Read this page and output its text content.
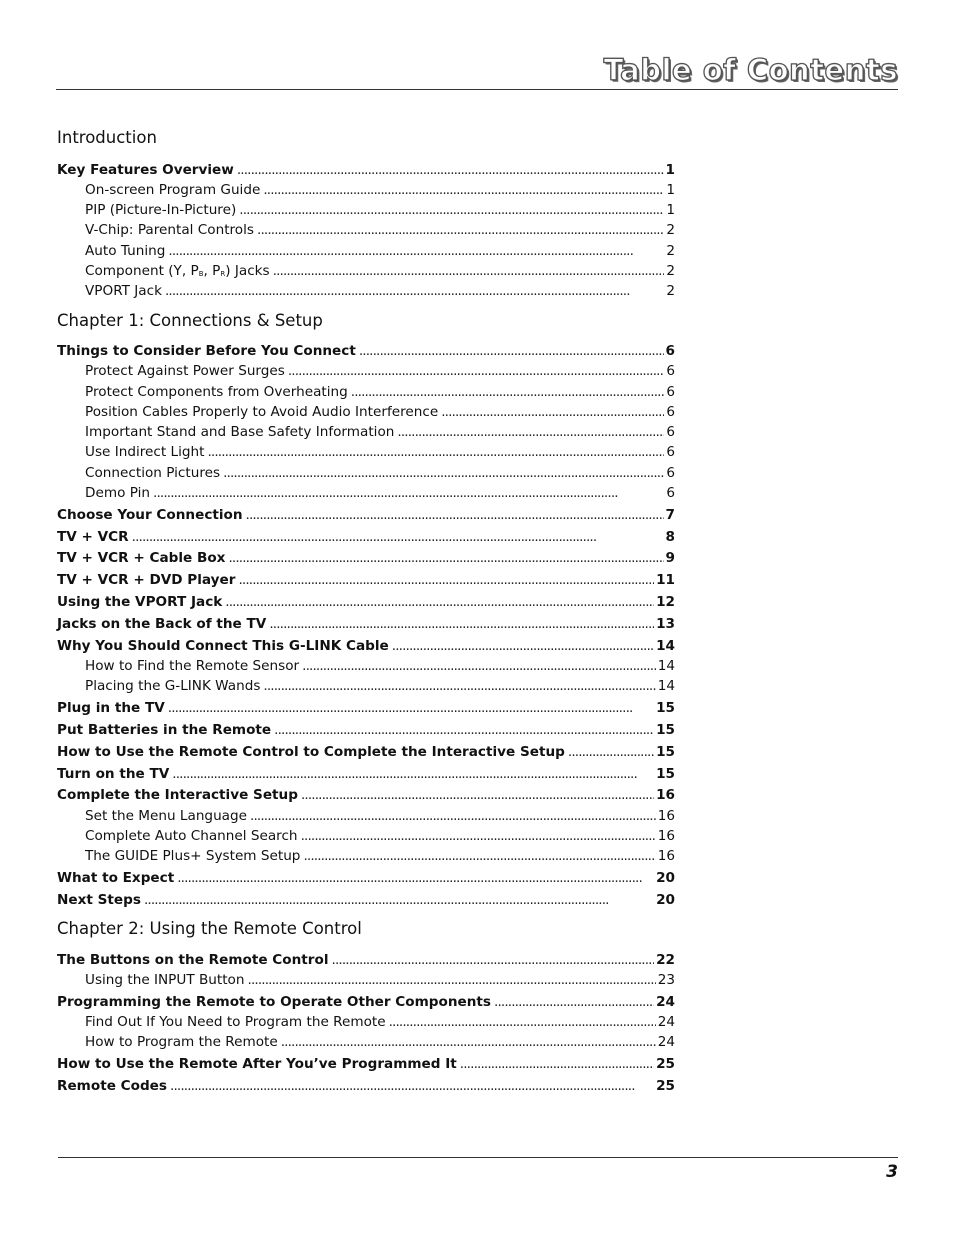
Table of Contents
Introduction
Key Features Overview . . .	1
On-screen Program Guide . . .	1
PIP (Picture-In-Picture) . . .	1
V-Chip: Parental Controls . . .	2
Auto Tuning . . .	2
Component (Y, $P_B$, $P_R$) Jacks . . .	2
VPORT Jack . . .	2
Chapter 1: Connections & Setup
Things to Consider Before You Connect . . .	6
Protect Against Power Surges . . .	6
Protect Components from Overheating . . .	6
Position Cables Properly to Avoid Audio Interference . . .	6
Important Stand and Base Safety Information . . .	6
Use Indirect Light . . .	6
Connection Pictures . . .	6
Demo Pin . . .	6
Choose Your Connection . . .	7
TV + VCR . . .	8
TV + VCR + Cable Box . . .	9
TV + VCR + DVD Player . . .	11
Using the VPORT Jack . . .	12
Jacks on the Back of the TV . . .	13
Why You Should Connect This G-LINK Cable . . .	14
How to Find the Remote Sensor . . .	14
Placing the G-LINK Wands . . .	14
Plug in the TV . . .	15
Put Batteries in the Remote . . .	15
How to Use the Remote Control to Complete the Interactive Setup . . .	15
Turn on the TV . . .	15
Complete the Interactive Setup . . .	16
Set the Menu Language . . .	16
Complete Auto Channel Search . . .	16
The GUIDE Plus+ System Setup . . .	16
What to Expect . . .	20
Next Steps . . .	20
Chapter 2: Using the Remote Control
The Buttons on the Remote Control . . .	22
Using the INPUT Button . . .	23
Programming the Remote to Operate Other Components . . .	24
Find Out If You Need to Program the Remote . . .	24
How to Program the Remote . . .	24
How to Use the Remote After You’ve Programmed It . . .	25
Remote Codes . . .	25
3
